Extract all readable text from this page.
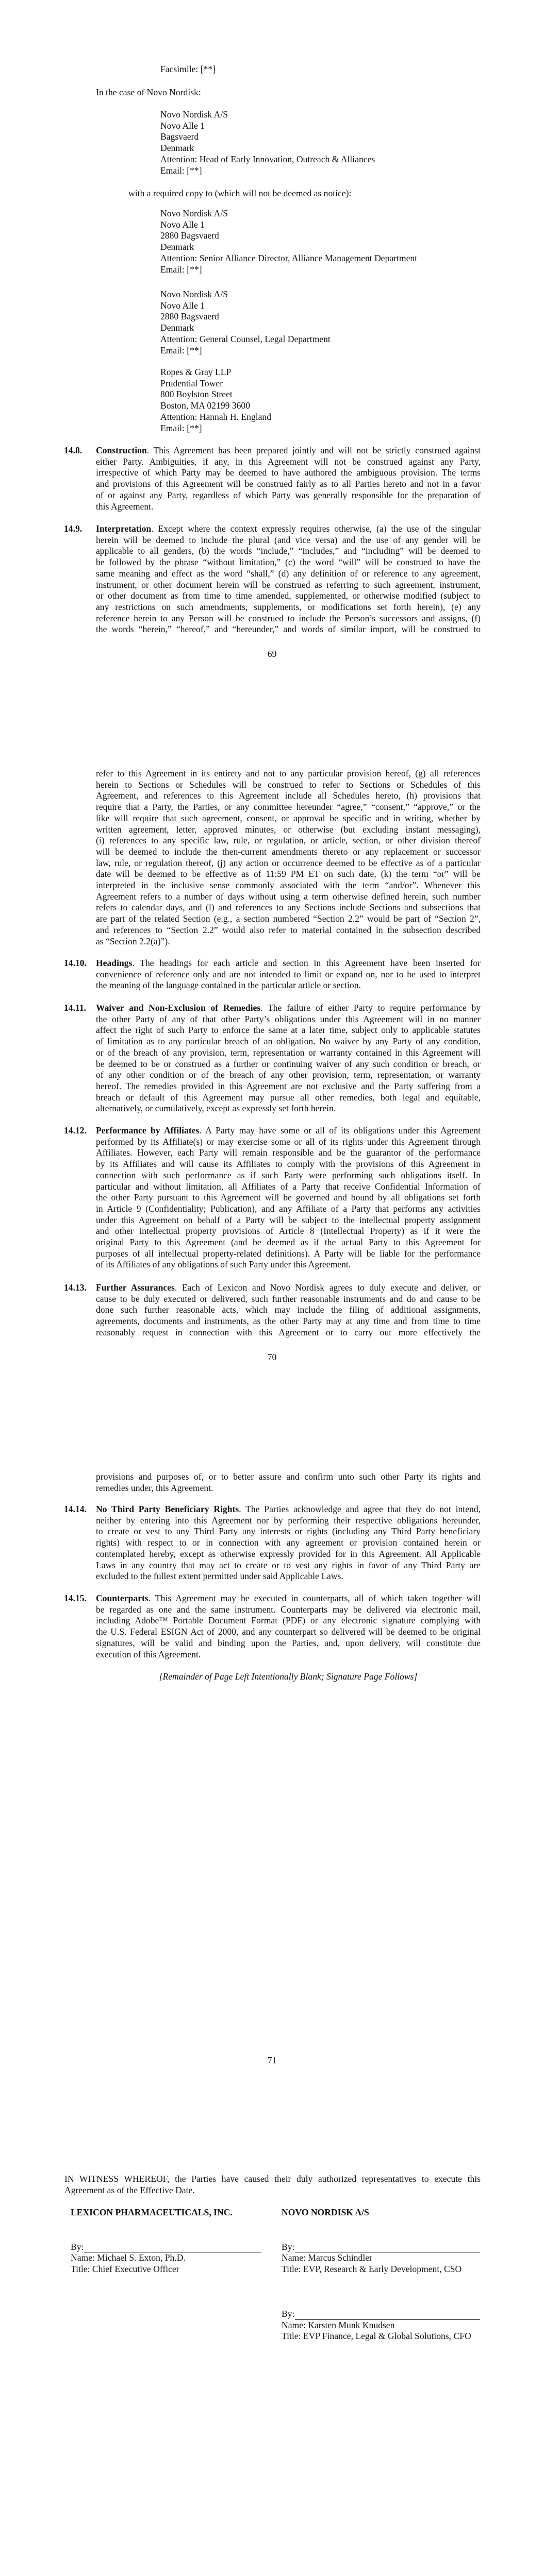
Facsimile: [**]
In the case of Novo Nordisk:
Novo Nordisk A/S
Novo Alle 1
Bagsvaerd
Denmark
Attention: Head of Early Innovation, Outreach & Alliances
Email: [**]
with a required copy to (which will not be deemed as notice):
Novo Nordisk A/S
Novo Alle 1
2880 Bagsvaerd
Denmark
Attention: Senior Alliance Director, Alliance Management Department
Email: [**]
Novo Nordisk A/S
Novo Alle 1
2880 Bagsvaerd
Denmark
Attention: General Counsel, Legal Department
Email: [**]
Ropes & Gray LLP
Prudential Tower
800 Boylston Street
Boston, MA 02199 3600
Attention: Hannah H. England
Email: [**]
14.8. Construction. This Agreement has been prepared jointly and will not be strictly construed against
either Party. Ambiguities, if any, in this Agreement will not be construed against any Party,
irrespective of which Party may be deemed to have authored the ambiguous provision. The terms
and provisions of this Agreement will be construed fairly as to all Parties hereto and not in a favor
of or against any Party, regardless of which Party was generally responsible for the preparation of
this Agreement.
14.9. Interpretation. Except where the context expressly requires otherwise, (a) the use of the singular
herein will be deemed to include the plural (and vice versa) and the use of any gender will be
applicable to all genders, (b) the words “include,” “includes,” and “including” will be deemed to
be followed by the phrase “without limitation,” (c) the word “will” will be construed to have the
same meaning and effect as the word “shall,” (d) any definition of or reference to any agreement,
instrument, or other document herein will be construed as referring to such agreement, instrument,
or other document as from time to time amended, supplemented, or otherwise modified (subject to
any restrictions on such amendments, supplements, or modifications set forth herein), (e) any
reference herein to any Person will be construed to include the Person’s successors and assigns, (f)
the words “herein,” “hereof,” and “hereunder,” and words of similar import, will be construed to
69
refer to this Agreement in its entirety and not to any particular provision hereof, (g) all references
herein to Sections or Schedules will be construed to refer to Sections or Schedules of this
Agreement, and references to this Agreement include all Schedules hereto, (h) provisions that
require that a Party, the Parties, or any committee hereunder “agree,” “consent,” “approve,” or the
like will require that such agreement, consent, or approval be specific and in writing, whether by
written agreement, letter, approved minutes, or otherwise (but excluding instant messaging),
(i) references to any specific law, rule, or regulation, or article, section, or other division thereof
will be deemed to include the then-current amendments thereto or any replacement or successor
law, rule, or regulation thereof, (j) any action or occurrence deemed to be effective as of a particular
date will be deemed to be effective as of 11:59 PM ET on such date, (k) the term “or” will be
interpreted in the inclusive sense commonly associated with the term “and/or”. Whenever this
Agreement refers to a number of days without using a term otherwise defined herein, such number
refers to calendar days, and (l) and references to any Sections include Sections and subsections that
are part of the related Section (e.g., a section numbered “Section 2.2” would be part of “Section 2”,
and references to “Section 2.2” would also refer to material contained in the subsection described
as “Section 2.2(a)”).
14.10. Headings. The headings for each article and section in this Agreement have been inserted for
convenience of reference only and are not intended to limit or expand on, nor to be used to interpret
the meaning of the language contained in the particular article or section.
14.11. Waiver and Non-Exclusion of Remedies. The failure of either Party to require performance by
the other Party of any of that other Party’s obligations under this Agreement will in no manner
affect the right of such Party to enforce the same at a later time, subject only to applicable statutes
of limitation as to any particular breach of an obligation. No waiver by any Party of any condition,
or of the breach of any provision, term, representation or warranty contained in this Agreement will
be deemed to be or construed as a further or continuing waiver of any such condition or breach, or
of any other condition or of the breach of any other provision, term, representation, or warranty
hereof. The remedies provided in this Agreement are not exclusive and the Party suffering from a
breach or default of this Agreement may pursue all other remedies, both legal and equitable,
alternatively, or cumulatively, except as expressly set forth herein.
14.12. Performance by Affiliates. A Party may have some or all of its obligations under this Agreement
performed by its Affiliate(s) or may exercise some or all of its rights under this Agreement through
Affiliates. However, each Party will remain responsible and be the guarantor of the performance
by its Affiliates and will cause its Affiliates to comply with the provisions of this Agreement in
connection with such performance as if such Party were performing such obligations itself. In
particular and without limitation, all Affiliates of a Party that receive Confidential Information of
the other Party pursuant to this Agreement will be governed and bound by all obligations set forth
in Article 9 (Confidentiality; Publication), and any Affiliate of a Party that performs any activities
under this Agreement on behalf of a Party will be subject to the intellectual property assignment
and other intellectual property provisions of Article 8 (Intellectual Property) as if it were the
original Party to this Agreement (and be deemed as if the actual Party to this Agreement for
purposes of all intellectual property-related definitions). A Party will be liable for the performance
of its Affiliates of any obligations of such Party under this Agreement.
14.13. Further Assurances. Each of Lexicon and Novo Nordisk agrees to duly execute and deliver, or
cause to be duly executed or delivered, such further reasonable instruments and do and cause to be
done such further reasonable acts, which may include the filing of additional assignments,
agreements, documents and instruments, as the other Party may at any time and from time to time
reasonably request in connection with this Agreement or to carry out more effectively the
70
provisions and purposes of, or to better assure and confirm unto such other Party its rights and
remedies under, this Agreement.
14.14. No Third Party Beneficiary Rights. The Parties acknowledge and agree that they do not intend,
neither by entering into this Agreement nor by performing their respective obligations hereunder,
to create or vest to any Third Party any interests or rights (including any Third Party beneficiary
rights) with respect to or in connection with any agreement or provision contained herein or
contemplated hereby, except as otherwise expressly provided for in this Agreement. All Applicable
Laws in any country that may act to create or to vest any rights in favor of any Third Party are
excluded to the fullest extent permitted under said Applicable Laws.
14.15. Counterparts. This Agreement may be executed in counterparts, all of which taken together will
be regarded as one and the same instrument. Counterparts may be delivered via electronic mail,
including Adobe™ Portable Document Format (PDF) or any electronic signature complying with
the U.S. Federal ESIGN Act of 2000, and any counterpart so delivered will be deemed to be original
signatures, will be valid and binding upon the Parties, and, upon delivery, will constitute due
execution of this Agreement.
[Remainder of Page Left Intentionally Blank; Signature Page Follows]
71
IN WITNESS WHEREOF, the Parties have caused their duly authorized representatives to execute this
Agreement as of the Effective Date.
LEXICON PHARMACEUTICALS, INC.
By:
Name: Michael S. Exton, Ph.D.
Title: Chief Executive Officer
NOVO NORDISK A/S
By:
Name: Marcus Schindler
Title: EVP, Research & Early Development, CSO
By:
Name: Karsten Munk Knudsen
Title: EVP Finance, Legal & Global Solutions, CFO
